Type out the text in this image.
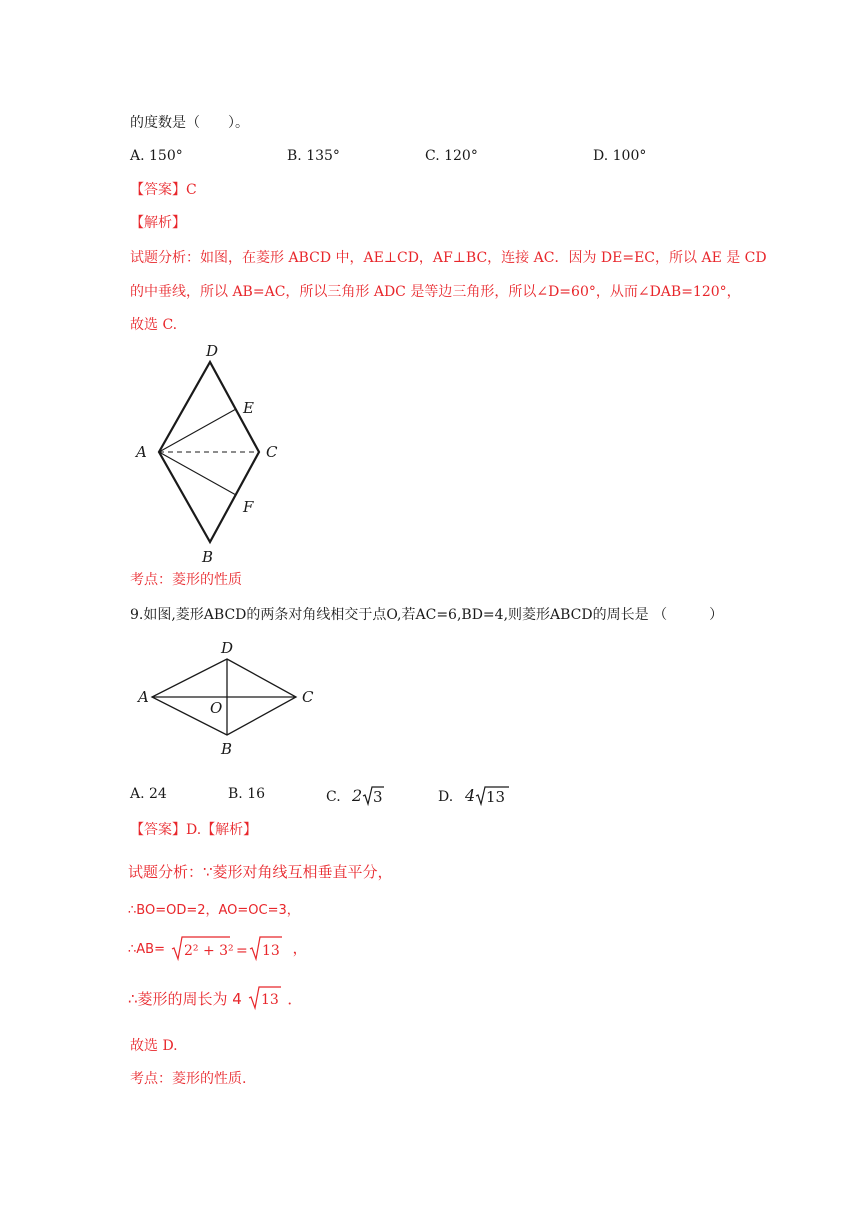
的度数是（　　）。
A. 150°	B. 135°	C. 120°	D. 100°
【答案】C
【解析】
试题分析：如图，在菱形 ABCD 中，AE⊥CD，AF⊥BC，连接 AC．因为 DE=EC，所以 AE 是 CD
的中垂线，所以 AB=AC，所以三角形 ADC 是等边三角形，所以∠D=60°，从而∠DAB=120°，
故选 C.
D
E
A	C
F
B
考点：菱形的性质
9.如图,菱形ABCD的两条对角线相交于点O,若AC=6,BD=4,则菱形ABCD的周长是 （　　　）
D
A
O
C
B
A. 24	B. 16	C. 2 3	D. 4 13
【答案】D.【解析】
试题分析：∵菱形对角线互相垂直平分，
∴BO=OD=2，AO=OC=3，
∴AB= 2² + 3² = 13 ，
∴菱形的周长为 4 13 ．
故选 D.
考点：菱形的性质.
